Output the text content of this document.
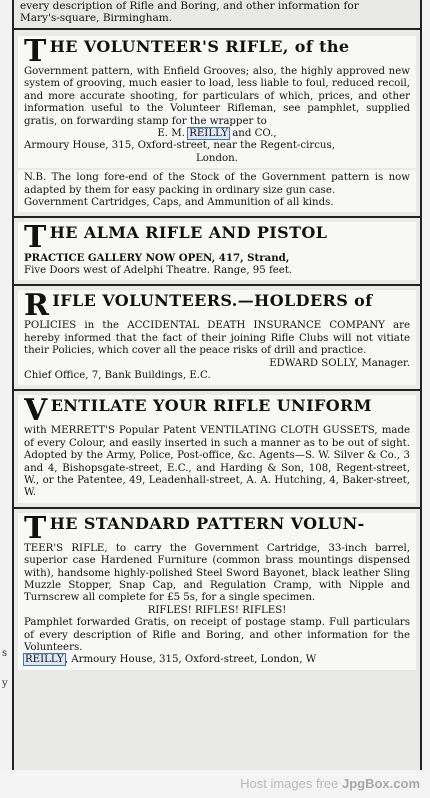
every description of Rifle and Boring, and other information for
Mary's-square, Birmingham.
THE VOLUNTEER'S RIFLE, of the

Government pattern, with Enfield Grooves; also, the highly approved new system of grooving, much easier to load, less liable to foul, reduced recoil, and more accurate shooting, for particulars of which, prices, and other information useful to the Volunteer Rifleman, see pamphlet, supplied gratis, on forwarding stamp for the wrapper to

E. M. REILLY and CO.,

Armoury House, 315, Oxford-street, near the Regent-circus,

London.

N.B. The long fore-end of the Stock of the Government pattern is now adapted by them for easy packing in ordinary size gun case.

Government Cartridges, Caps, and Ammunition of all kinds.

THE ALMA RIFLE AND PISTOL

PRACTICE GALLERY NOW OPEN, 417, Strand,

Five Doors west of Adelphi Theatre. Range, 95 feet.

RIFLE VOLUNTEERS.—HOLDERS of

POLICIES in the ACCIDENTAL DEATH INSURANCE COMPANY are hereby informed that the fact of their joining Rifle Clubs will not vitiate their Policies, which cover all the peace risks of drill and practice.

EDWARD SOLLY, Manager.

Chief Office, 7, Bank Buildings, E.C.

VENTILATE YOUR RIFLE UNIFORM

with MERRETT'S Popular Patent VENTILATING CLOTH GUSSETS, made of every Colour, and easily inserted in such a manner as to be out of sight. Adopted by the Army, Police, Post-office, &c. Agents—S. W. Silver & Co., 3 and 4, Bishopsgate-street, E.C., and Harding & Son, 108, Regent-street, W., or the Patentee, 49, Leadenhall-street, A. A. Hutching, 4, Baker-street, W.

THE STANDARD PATTERN VOLUN-

TEER'S RIFLE, to carry the Government Cartridge, 33-inch barrel, superior case Hardened Furniture (common brass mountings dispensed with), handsome highly-polished Steel Sword Bayonet, black leather Sling Muzzle Stopper, Snap Cap, and Regulation Cramp, with Nipple and Turnscrew all complete for £5 5s, for a single specimen.

RIFLES! RIFLES! RIFLES!

Pamphlet forwarded Gratis, on receipt of postage stamp. Full particulars of every description of Rifle and Boring, and other information for the Volunteers.

REILLY, Armoury House, 315, Oxford-street, London, W

s
y
Host images free JpgBox.com
